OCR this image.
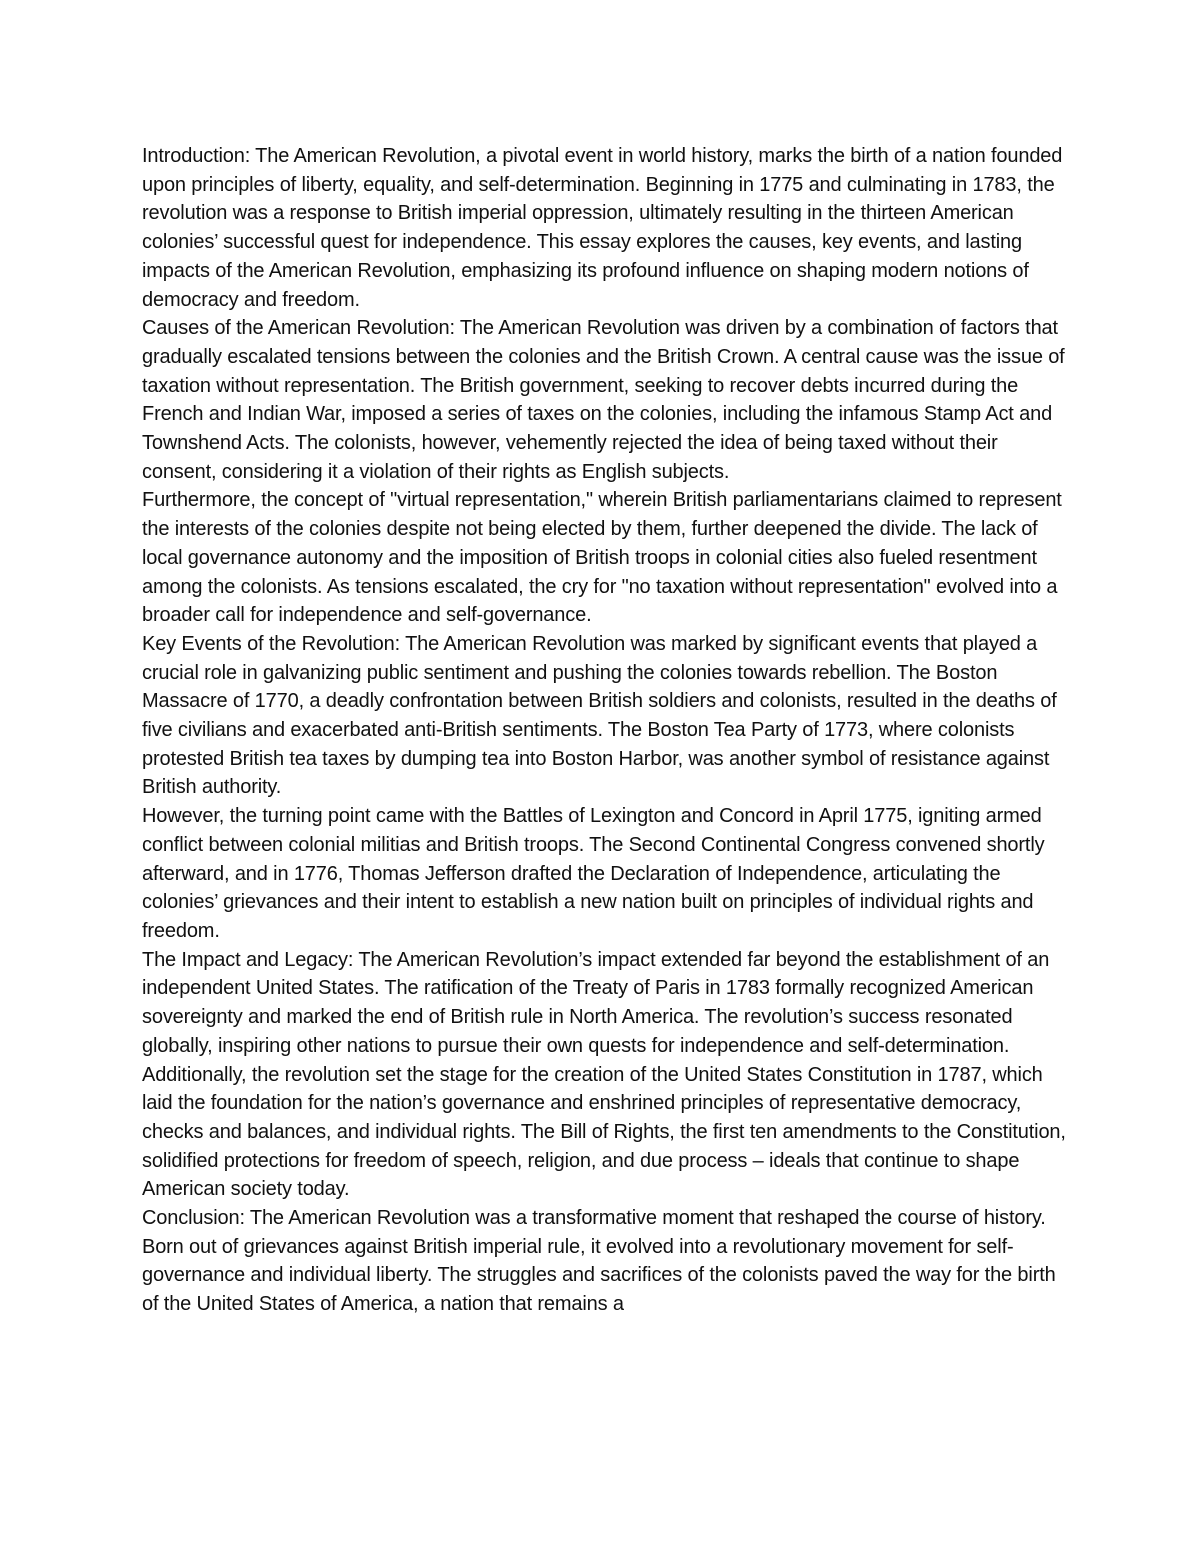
Introduction: The American Revolution, a pivotal event in world history, marks the birth of a nation founded upon principles of liberty, equality, and self-determination. Beginning in 1775 and culminating in 1783, the revolution was a response to British imperial oppression, ultimately resulting in the thirteen American colonies’ successful quest for independence. This essay explores the causes, key events, and lasting impacts of the American Revolution, emphasizing its profound influence on shaping modern notions of democracy and freedom.

Causes of the American Revolution: The American Revolution was driven by a combination of factors that gradually escalated tensions between the colonies and the British Crown. A central cause was the issue of taxation without representation. The British government, seeking to recover debts incurred during the French and Indian War, imposed a series of taxes on the colonies, including the infamous Stamp Act and Townshend Acts. The colonists, however, vehemently rejected the idea of being taxed without their consent, considering it a violation of their rights as English subjects.

Furthermore, the concept of "virtual representation," wherein British parliamentarians claimed to represent the interests of the colonies despite not being elected by them, further deepened the divide. The lack of local governance autonomy and the imposition of British troops in colonial cities also fueled resentment among the colonists. As tensions escalated, the cry for "no taxation without representation" evolved into a broader call for independence and self-governance.

Key Events of the Revolution: The American Revolution was marked by significant events that played a crucial role in galvanizing public sentiment and pushing the colonies towards rebellion. The Boston Massacre of 1770, a deadly confrontation between British soldiers and colonists, resulted in the deaths of five civilians and exacerbated anti-British sentiments. The Boston Tea Party of 1773, where colonists protested British tea taxes by dumping tea into Boston Harbor, was another symbol of resistance against British authority.

However, the turning point came with the Battles of Lexington and Concord in April 1775, igniting armed conflict between colonial militias and British troops. The Second Continental Congress convened shortly afterward, and in 1776, Thomas Jefferson drafted the Declaration of Independence, articulating the colonies’ grievances and their intent to establish a new nation built on principles of individual rights and freedom.

The Impact and Legacy: The American Revolution’s impact extended far beyond the establishment of an independent United States. The ratification of the Treaty of Paris in 1783 formally recognized American sovereignty and marked the end of British rule in North America. The revolution’s success resonated globally, inspiring other nations to pursue their own quests for independence and self-determination.

Additionally, the revolution set the stage for the creation of the United States Constitution in 1787, which laid the foundation for the nation’s governance and enshrined principles of representative democracy, checks and balances, and individual rights. The Bill of Rights, the first ten amendments to the Constitution, solidified protections for freedom of speech, religion, and due process – ideals that continue to shape American society today.

Conclusion: The American Revolution was a transformative moment that reshaped the course of history. Born out of grievances against British imperial rule, it evolved into a revolutionary movement for self-governance and individual liberty. The struggles and sacrifices of the colonists paved the way for the birth of the United States of America, a nation that remains a
